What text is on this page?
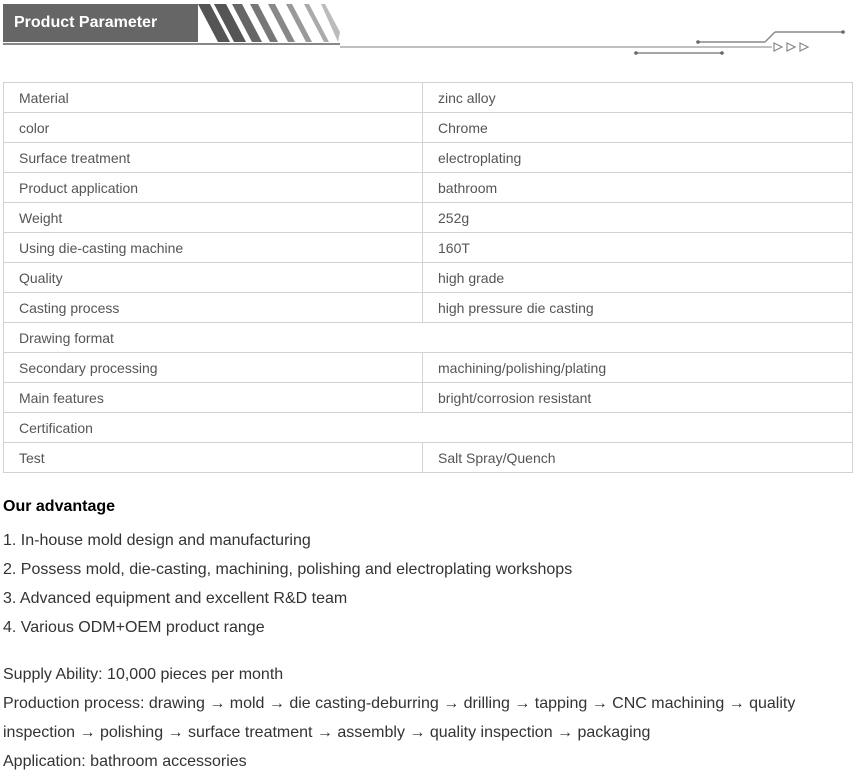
Product Parameter
Material	zinc alloy
color	Chrome
Surface treatment	electroplating
Product application	bathroom
Weight	252g
Using die-casting machine	160T
Quality	high grade
Casting process	high pressure die casting
Drawing format	
Secondary processing	machining/polishing/plating
Main features	bright/corrosion resistant
Certification	
Test	Salt Spray/Quench
Our advantage
1. In-house mold design and manufacturing
2. Possess mold, die-casting, machining, polishing and electroplating workshops
3. Advanced equipment and excellent R&D team
4. Various ODM+OEM product range

Supply Ability: 10,000 pieces per month

Production process: drawing → mold → die casting-deburring → drilling → tapping → CNC machining → quality inspection → polishing → surface treatment → assembly → quality inspection → packaging

Application: bathroom accessories
